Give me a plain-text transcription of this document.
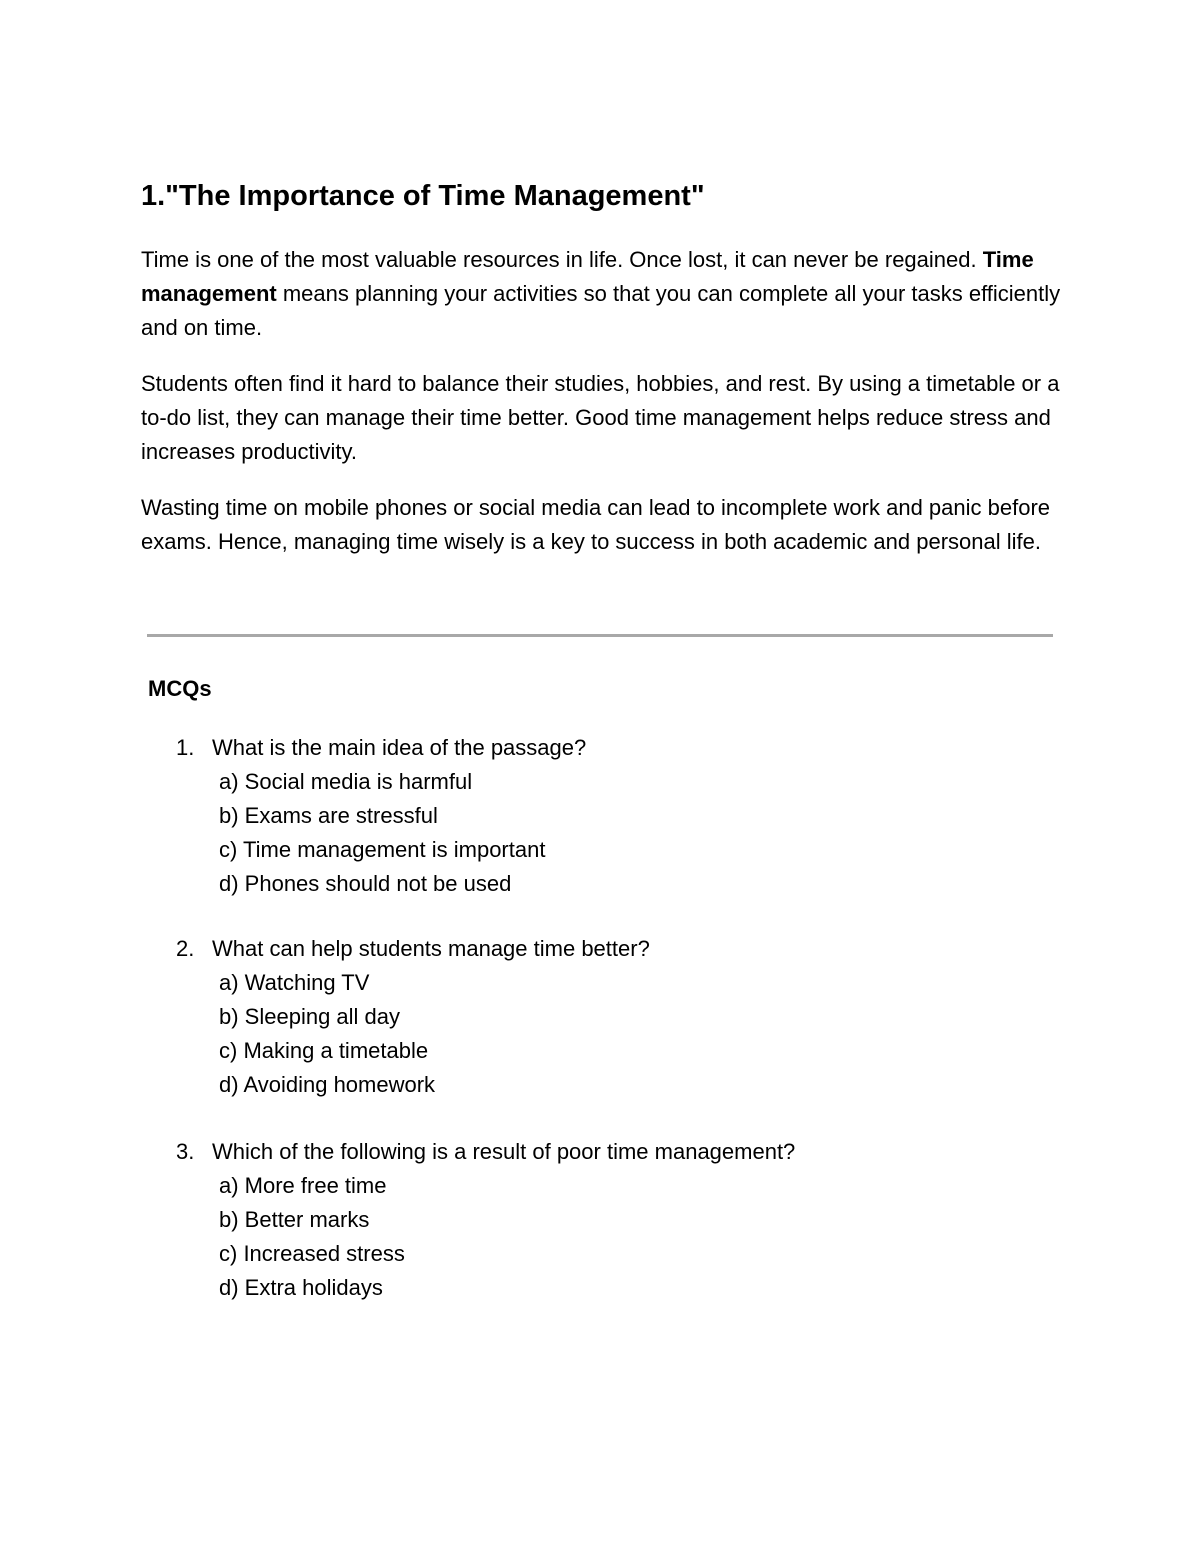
1."The Importance of Time Management"

Time is one of the most valuable resources in life. Once lost, it can never be regained. Time management means planning your activities so that you can complete all your tasks efficiently and on time.

Students often find it hard to balance their studies, hobbies, and rest. By using a timetable or a to-do list, they can manage their time better. Good time management helps reduce stress and increases productivity.

Wasting time on mobile phones or social media can lead to incomplete work and panic before exams. Hence, managing time wisely is a key to success in both academic and personal life.

MCQs
1. What is the main idea of the passage?
a) Social media is harmful
b) Exams are stressful
c) Time management is important
d) Phones should not be used
2. What can help students manage time better?
a) Watching TV
b) Sleeping all day
c) Making a timetable
d) Avoiding homework
3. Which of the following is a result of poor time management?
a) More free time
b) Better marks
c) Increased stress
d) Extra holidays
